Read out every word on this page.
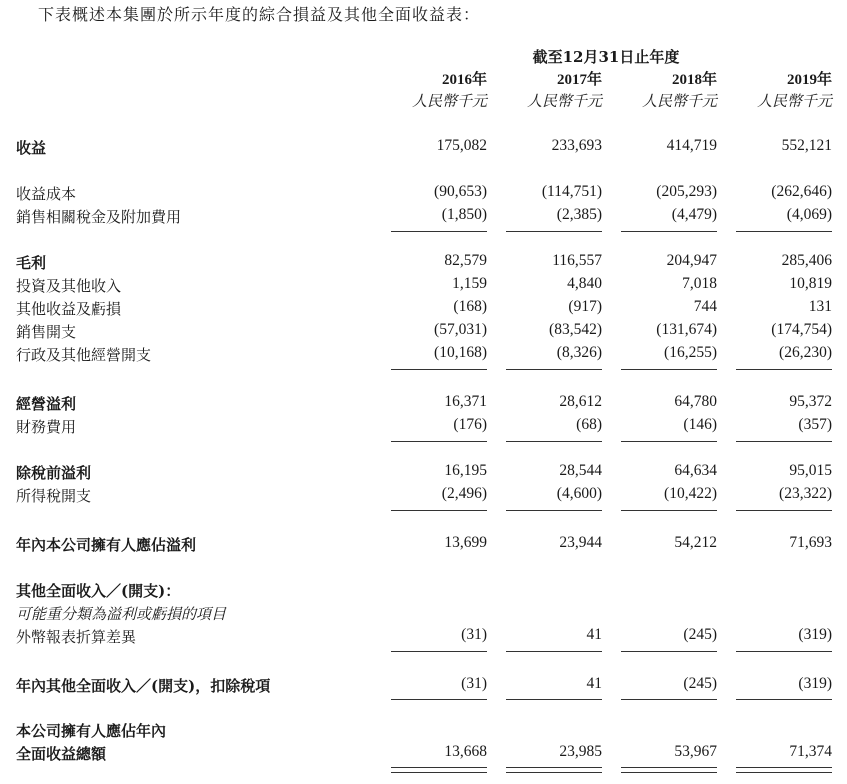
下表概述本集團於所示年度的綜合損益及其他全面收益表：
截至12月31日止年度
2016年	2017年	2018年	2019年
人民幣千元	人民幣千元	人民幣千元	人民幣千元
收益	175,082	233,693	414,719	552,121
收益成本	(90,653)	(114,751)	(205,293)	(262,646)
銷售相關稅金及附加費用	(1,850)	(2,385)	(4,479)	(4,069)
毛利	82,579	116,557	204,947	285,406
投資及其他收入	1,159	4,840	7,018	10,819
其他收益及虧損	(168)	(917)	744	131
銷售開支	(57,031)	(83,542)	(131,674)	(174,754)
行政及其他經營開支	(10,168)	(8,326)	(16,255)	(26,230)
經營溢利	16,371	28,612	64,780	95,372
財務費用	(176)	(68)	(146)	(357)
除稅前溢利	16,195	28,544	64,634	95,015
所得稅開支	(2,496)	(4,600)	(10,422)	(23,322)
年內本公司擁有人應佔溢利	13,699	23,944	54,212	71,693
其他全面收入／(開支)：
可能重分類為溢利或虧損的項目
外幣報表折算差異	(31)	41	(245)	(319)
年內其他全面收入／(開支)，扣除稅項	(31)	41	(245)	(319)
本公司擁有人應佔年內
全面收益總額	13,668	23,985	53,967	71,374
